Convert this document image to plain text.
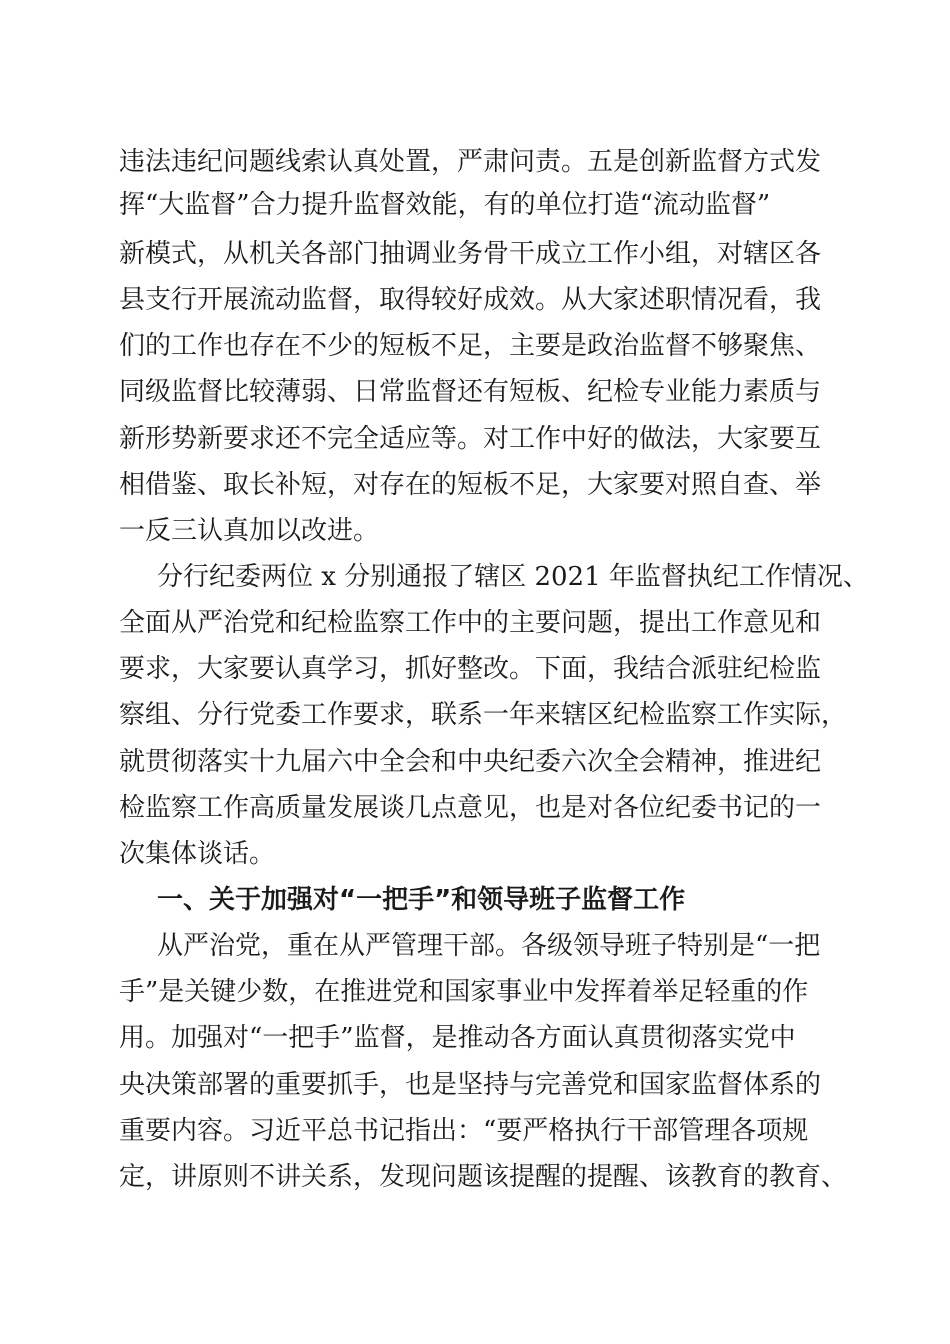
违法违纪问题线索认真处置，严肃问责。五是创新监督方式发
挥“大监督”合力提升监督效能，有的单位打造“流动监督”
新模式，从机关各部门抽调业务骨干成立工作小组，对辖区各
县支行开展流动监督，取得较好成效。从大家述职情况看，我
们的工作也存在不少的短板不足，主要是政治监督不够聚焦、
同级监督比较薄弱、日常监督还有短板、纪检专业能力素质与
新形势新要求还不完全适应等。对工作中好的做法，大家要互
相借鉴、取长补短，对存在的短板不足，大家要对照自查、举
一反三认真加以改进。
分行纪委两位 x 分别通报了辖区 2021 年监督执纪工作情况、
全面从严治党和纪检监察工作中的主要问题，提出工作意见和
要求，大家要认真学习，抓好整改。下面，我结合派驻纪检监
察组、分行党委工作要求，联系一年来辖区纪检监察工作实际，
就贯彻落实十九届六中全会和中央纪委六次全会精神，推进纪
检监察工作高质量发展谈几点意见，也是对各位纪委书记的一
次集体谈话。
一、关于加强对“一把手”和领导班子监督工作
从严治党，重在从严管理干部。各级领导班子特别是“一把
手”是关键少数，在推进党和国家事业中发挥着举足轻重的作
用。加强对“一把手”监督，是推动各方面认真贯彻落实党中
央决策部署的重要抓手，也是坚持与完善党和国家监督体系的
重要内容。习近平总书记指出：“要严格执行干部管理各项规
定，讲原则不讲关系，发现问题该提醒的提醒、该教育的教育、
